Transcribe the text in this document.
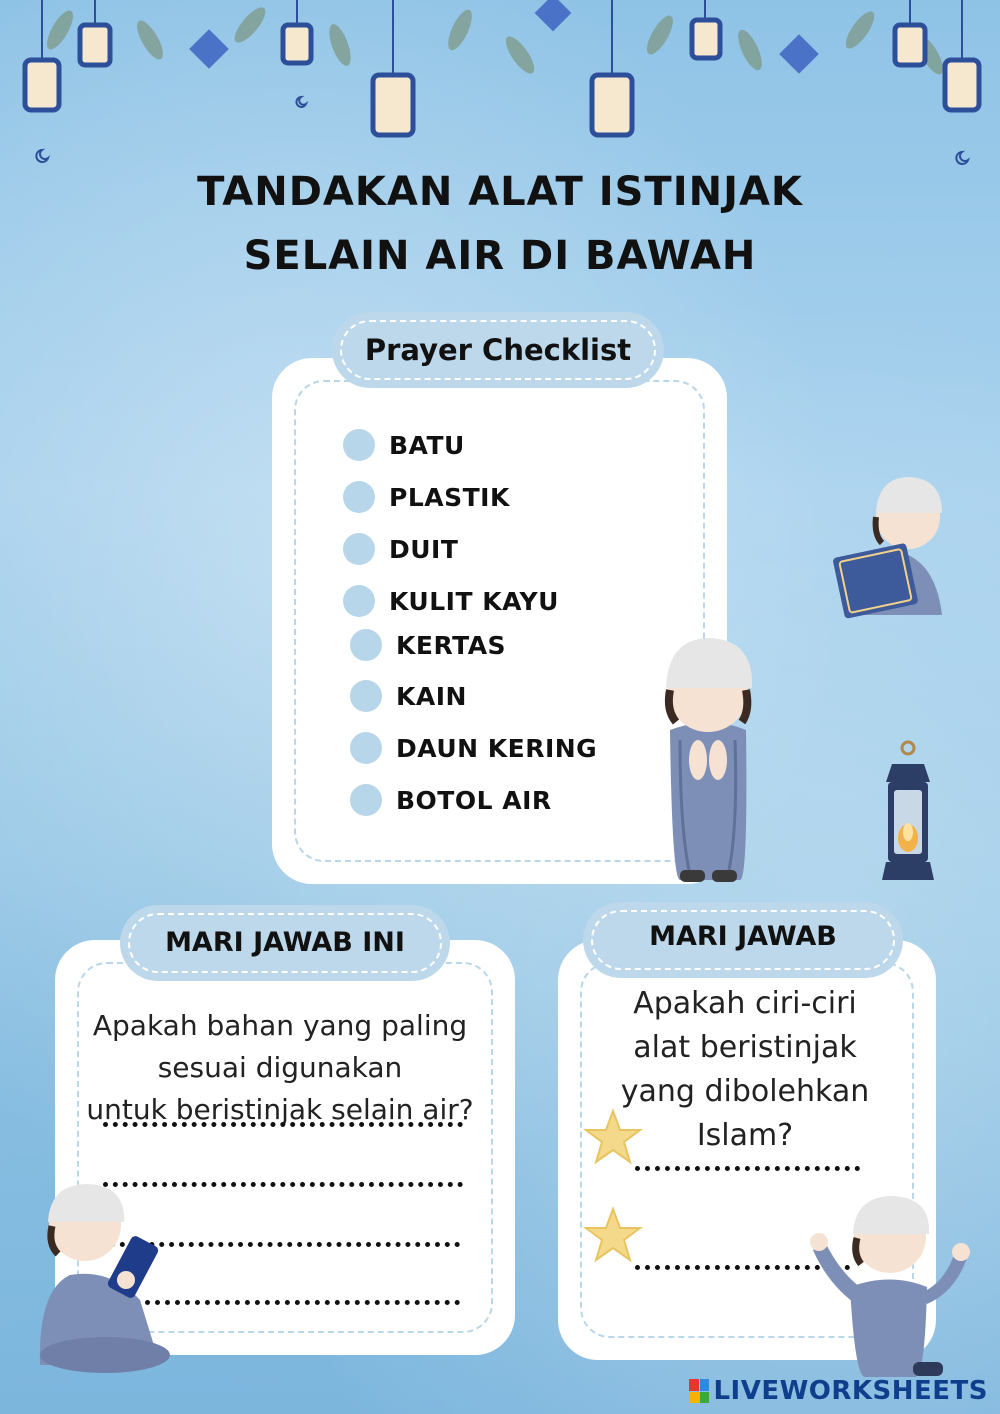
TANDAKAN ALAT ISTINJAK
SELAIN AIR DI BAWAH
Prayer Checklist
BATU
PLASTIK
DUIT
KULIT KAYU
KERTAS
KAIN
DAUN KERING
BOTOL AIR
MARI JAWAB INI
Apakah bahan yang paling
sesuai digunakan
untuk beristinjak selain air?
MARI JAWAB
Apakah ciri-ciri
alat beristinjak
yang dibolehkan
Islam?
LIVEWORKSHEETS
